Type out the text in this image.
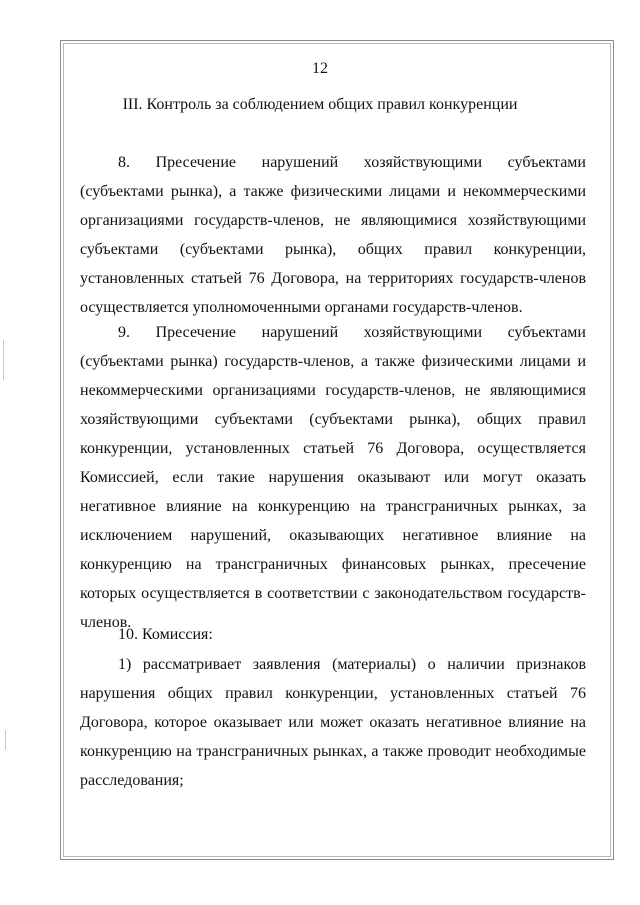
12
III. Контроль за соблюдением общих правил конкуренции

8. Пресечение нарушений хозяйствующими субъектами (субъектами рынка), а также физическими лицами и некоммерческими организациями государств-членов, не являющимися хозяйствующими субъектами (субъектами рынка), общих правил конкуренции, установленных статьей 76 Договора, на территориях государств-членов осуществляется уполномоченными органами государств-членов.

9. Пресечение нарушений хозяйствующими субъектами (субъектами рынка) государств-членов, а также физическими лицами и некоммерческими организациями государств-членов, не являющимися хозяйствующими субъектами (субъектами рынка), общих правил конкуренции, установленных статьей 76 Договора, осуществляется Комиссией, если такие нарушения оказывают или могут оказать негативное влияние на конкуренцию на трансграничных рынках, за исключением нарушений, оказывающих негативное влияние на конкуренцию на трансграничных финансовых рынках, пресечение которых осуществляется в соответствии с законодательством государств-членов.

10. Комиссия:

1) рассматривает заявления (материалы) о наличии признаков нарушения общих правил конкуренции, установленных статьей 76 Договора, которое оказывает или может оказать негативное влияние на конкуренцию на трансграничных рынках, а также проводит необходимые расследования;
